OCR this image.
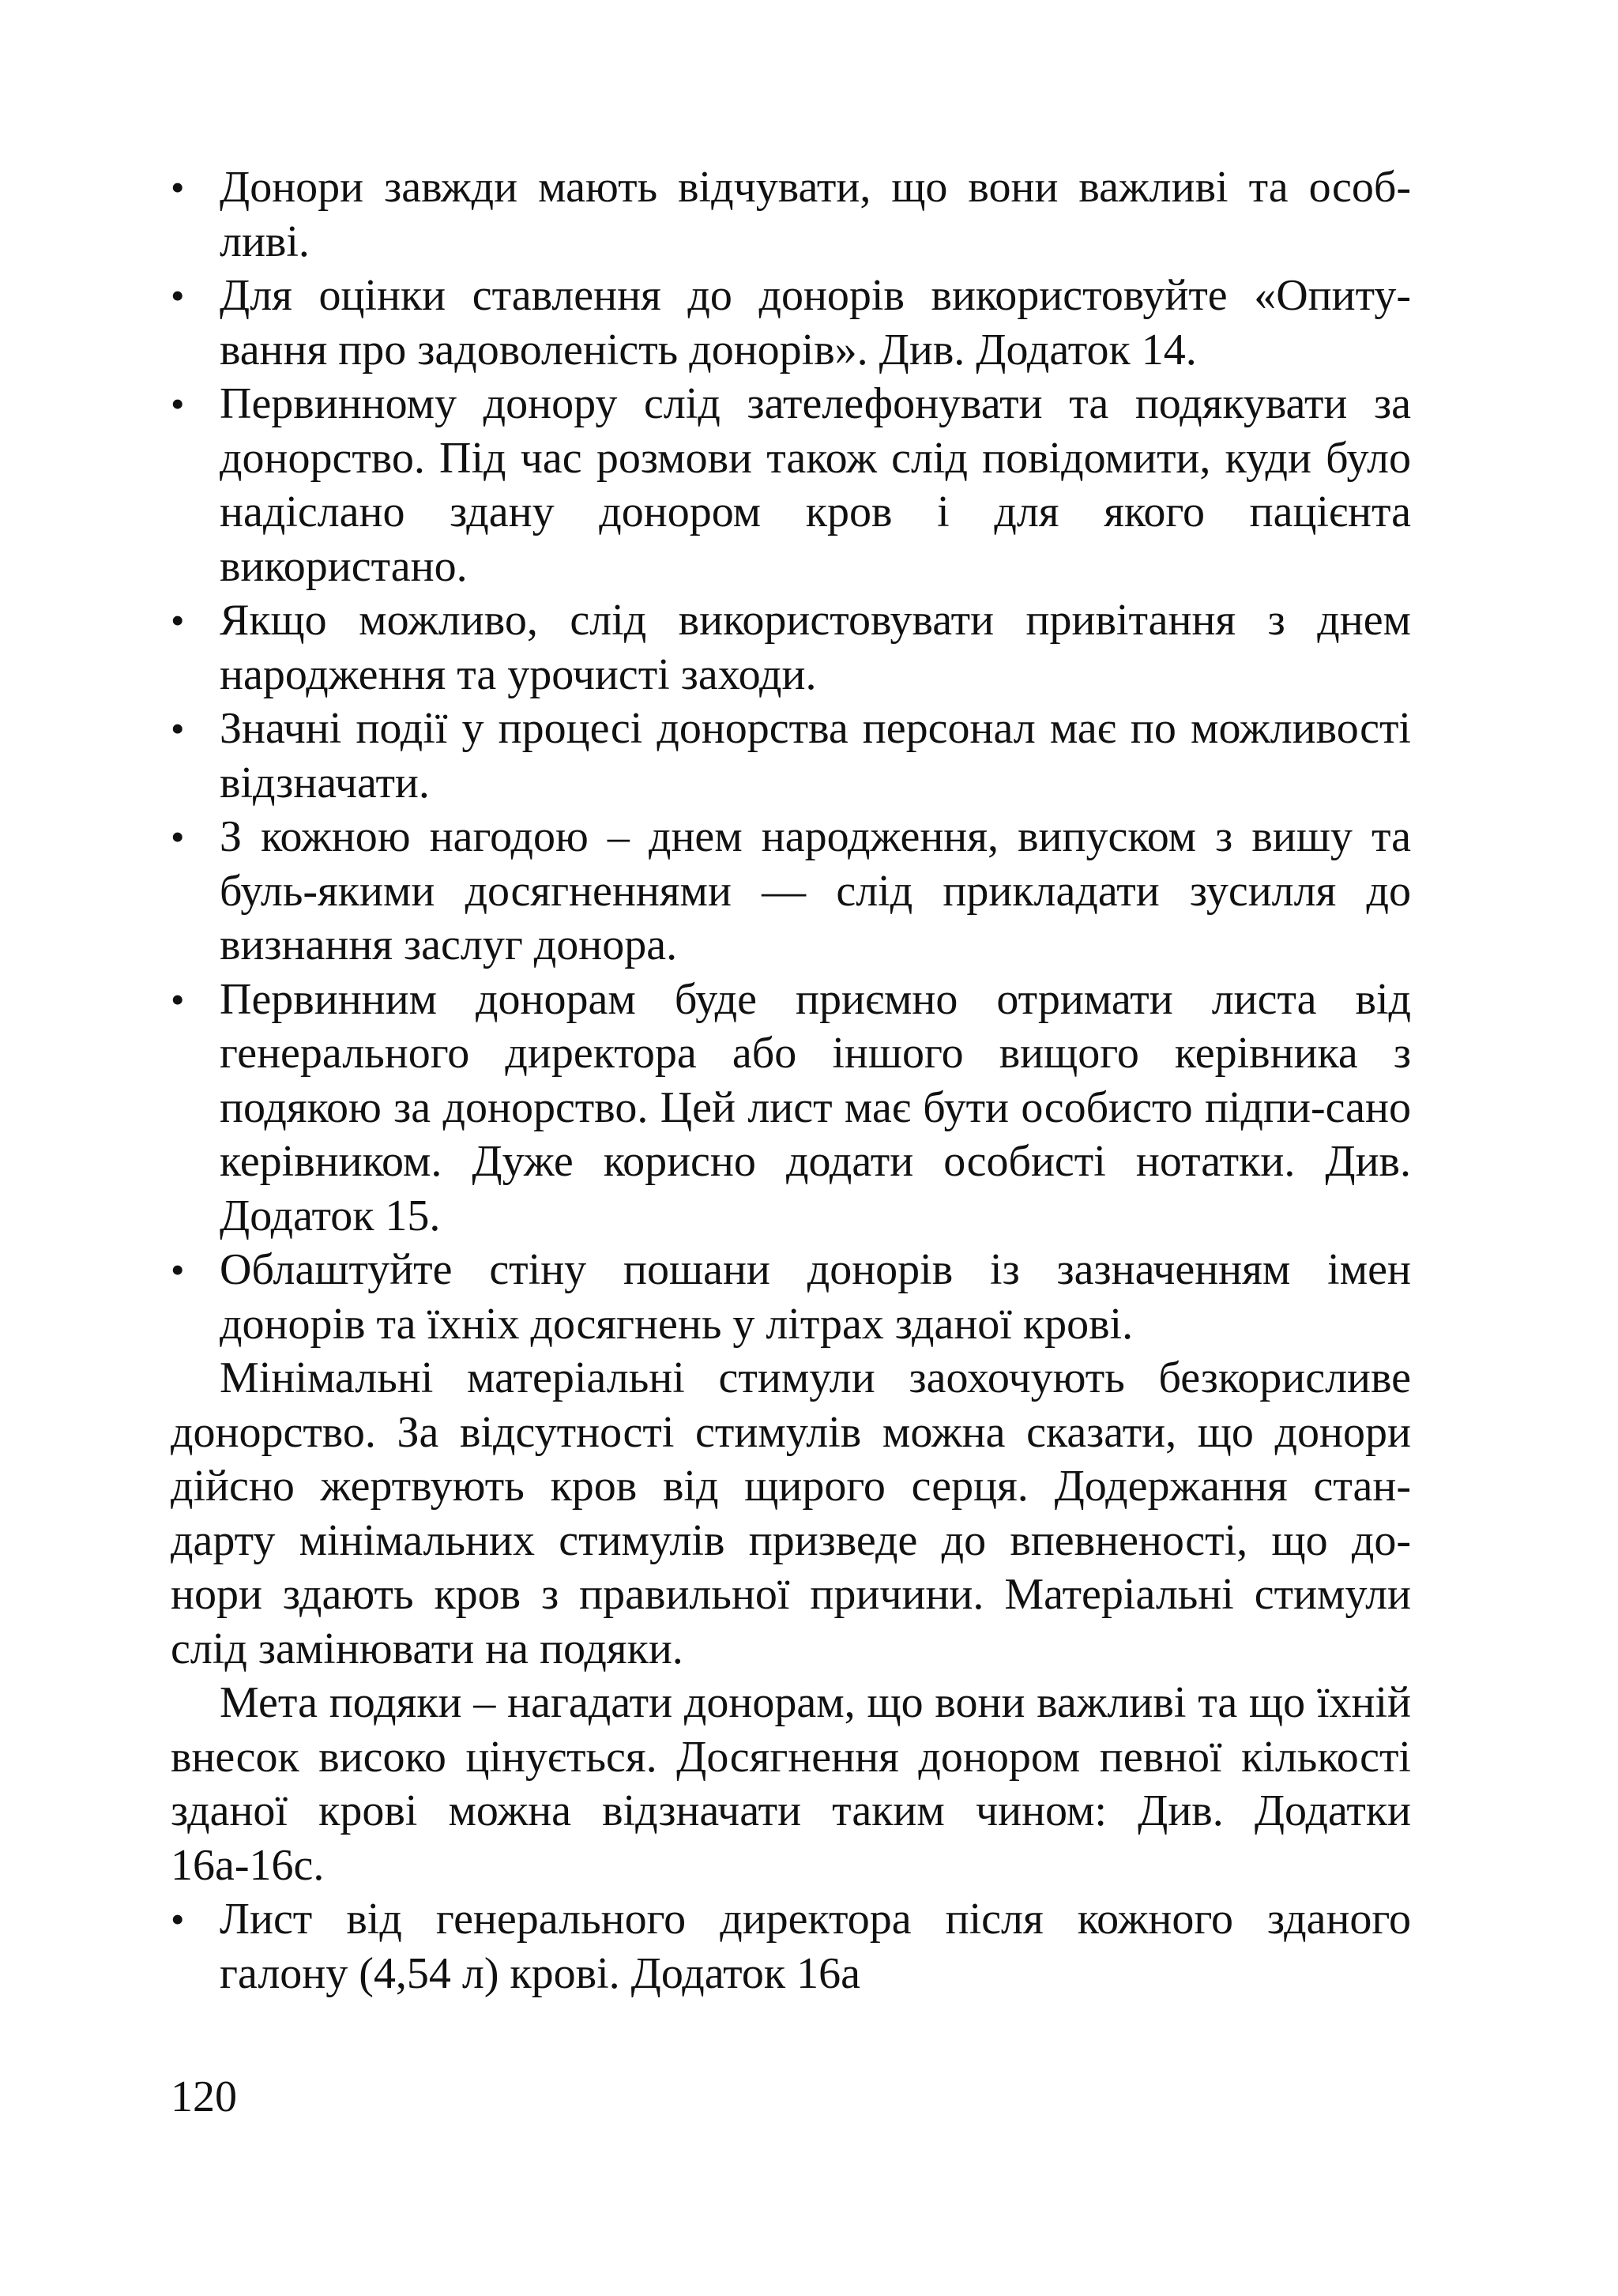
• Донори завжди мають відчувати, що вони важливі та особ-ливі.
• Для оцінки ставлення до донорів використовуйте «Опиту-вання про задоволеність донорів». Див. Додаток 14.
• Первинному донору слід зателефонувати та подякувати за донорство. Під час розмови також слід повідомити, куди було надіслано здану донором кров і для якого пацієнта використано.
• Якщо можливо, слід використовувати привітання з днем народження та урочисті заходи.
• Значні події у процесі донорства персонал має по можливості відзначати.
• З кожною нагодою – днем народження, випуском з вишу та буль-якими досягненнями — слід прикладати зусилля до визнання заслуг донора.
• Первинним донорам буде приємно отримати листа від генерального директора або іншого вищого керівника з подякою за донорство. Цей лист має бути особисто підпи-сано керівником. Дуже корисно додати особисті нотатки. Див. Додаток 15.
• Облаштуйте стіну пошани донорів із зазначенням імен донорів та їхніх досягнень у літрах зданої крові.

Мінімальні матеріальні стимули заохочують безкорисливе донорство. За відсутності стимулів можна сказати, що донори дійсно жертвують кров від щирого серця. Додержання стан-дарту мінімальних стимулів призведе до впевненості, що до-нори здають кров з правильної причини. Матеріальні стимули слід замінювати на подяки.

Мета подяки – нагадати донорам, що вони важливі та що їхній внесок високо цінується. Досягнення донором певної кількості зданої крові можна відзначати таким чином: Див. Додатки 16а-16с.

• Лист від генерального директора після кожного зданого галону (4,54 л) крові. Додаток 16а
120
